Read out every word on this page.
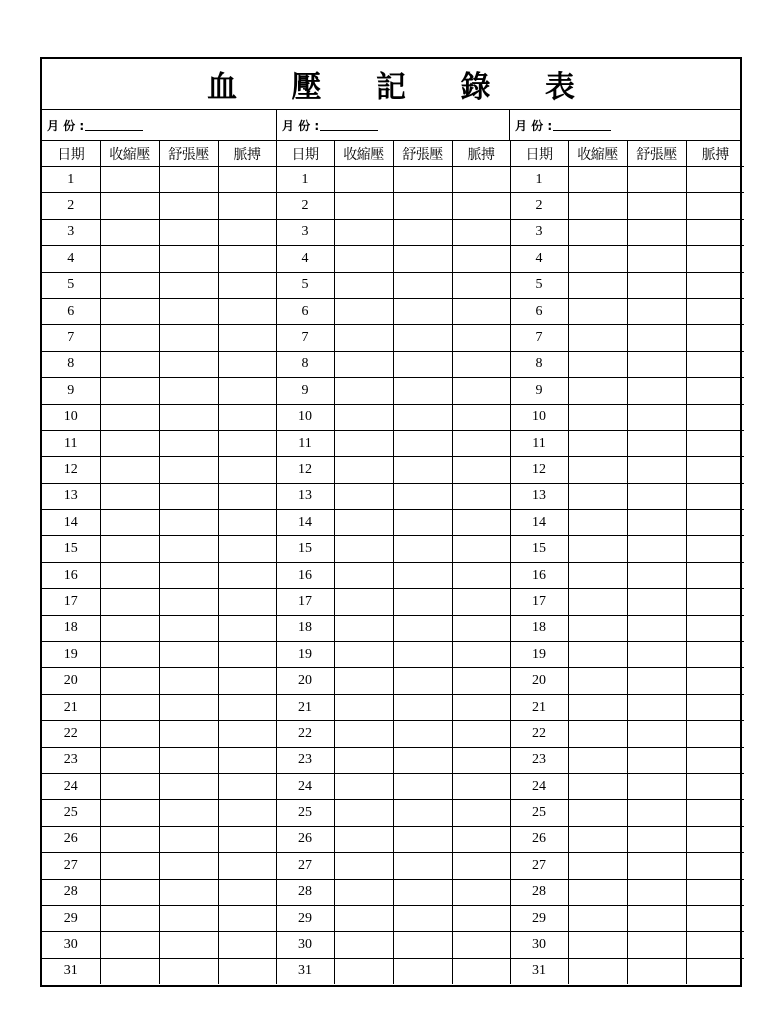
血 壓 記 錄 表
月 份 :	月 份 :	月 份 :
日期	收縮壓	舒張壓	脈搏	日期	收縮壓	舒張壓	脈搏	日期	收縮壓	舒張壓	脈搏
1				1				1			
2				2				2			
3				3				3			
4				4				4			
5				5				5			
6				6				6			
7				7				7			
8				8				8			
9				9				9			
10				10				10			
11				11				11			
12				12				12			
13				13				13			
14				14				14			
15				15				15			
16				16				16			
17				17				17			
18				18				18			
19				19				19			
20				20				20			
21				21				21			
22				22				22			
23				23				23			
24				24				24			
25				25				25			
26				26				26			
27				27				27			
28				28				28			
29				29				29			
30				30				30			
31				31				31			
